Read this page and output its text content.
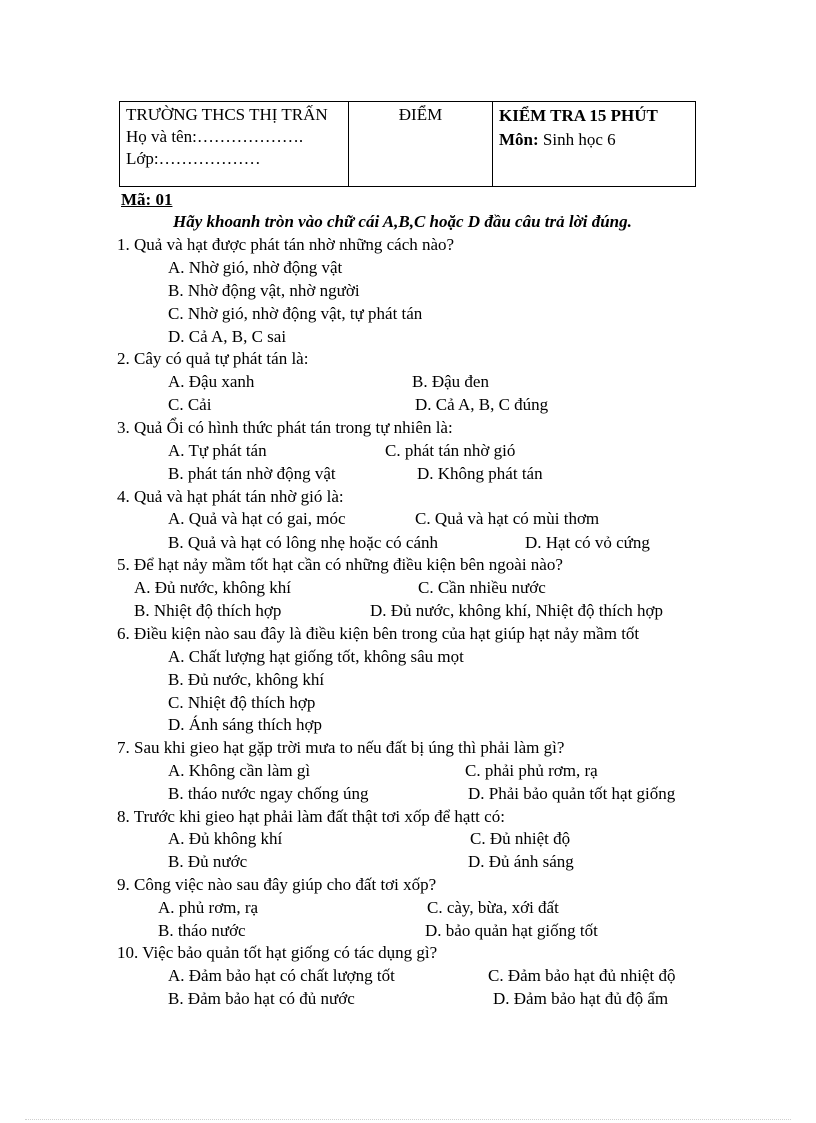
TRƯỜNG THCS THỊ TRẤN
Họ và tên:……………….
Lớp:………………
ĐIỂM	KIỂM TRA 15 PHÚT
Môn: Sinh học 6
Mã: 01
Hãy khoanh tròn vào chữ cái A,B,C hoặc D đầu câu trả lời đúng.
1. Quả và hạt được phát tán nhờ những cách nào?
A. Nhờ gió, nhờ động vật
B. Nhờ động vật, nhờ người
C. Nhờ gió, nhờ động vật, tự phát tán
D. Cả A, B, C sai
2. Cây có quả tự phát tán là:
A. Đậu xanh	B. Đậu đen
C. Cải	D. Cả A, B, C đúng
3. Quả Ổi có hình thức phát tán trong tự nhiên là:
A. Tự phát tán	C. phát tán nhờ gió
B. phát tán nhờ động vật	D. Không phát tán
4. Quả và hạt phát tán nhờ gió là:
A. Quả và hạt có gai, móc	C. Quả và hạt có mùi thơm
B. Quả và hạt có lông nhẹ hoặc có cánh	D. Hạt có vỏ cứng
5. Để hạt nảy mầm tốt hạt cần có những điều kiện bên ngoài nào?
A. Đủ nước, không khí	C. Cần nhiều nước
B. Nhiệt độ thích hợp	D. Đủ nước, không khí, Nhiệt độ thích hợp
6. Điều kiện nào sau đây là điều kiện bên trong của hạt giúp hạt nảy mầm tốt
A. Chất lượng hạt giống tốt, không sâu mọt
B. Đủ nước, không khí
C. Nhiệt độ thích hợp
D. Ánh sáng thích hợp
7. Sau khi gieo hạt gặp trời mưa to nếu đất bị úng thì phải làm gì?
A. Không cần làm gì	C. phải phủ rơm, rạ
B. tháo nước ngay chống úng	D. Phải bảo quản tốt hạt giống
8. Trước khi gieo hạt phải làm đất thật tơi xốp để hạtt có:
A. Đủ không khí	C. Đủ nhiệt độ
B. Đủ nước	D. Đủ ánh sáng
9. Công việc nào sau đây giúp cho đất tơi xốp?
A. phủ rơm, rạ	C. cày, bừa, xới đất
B. tháo nước	D. bảo quản hạt giống tốt
10. Việc bảo quản tốt hạt giống có tác dụng gì?
A. Đảm bảo hạt có chất lượng tốt	C. Đảm bảo hạt đủ nhiệt độ
B. Đảm bảo hạt có đủ nước	D. Đảm bảo hạt đủ độ ẩm
